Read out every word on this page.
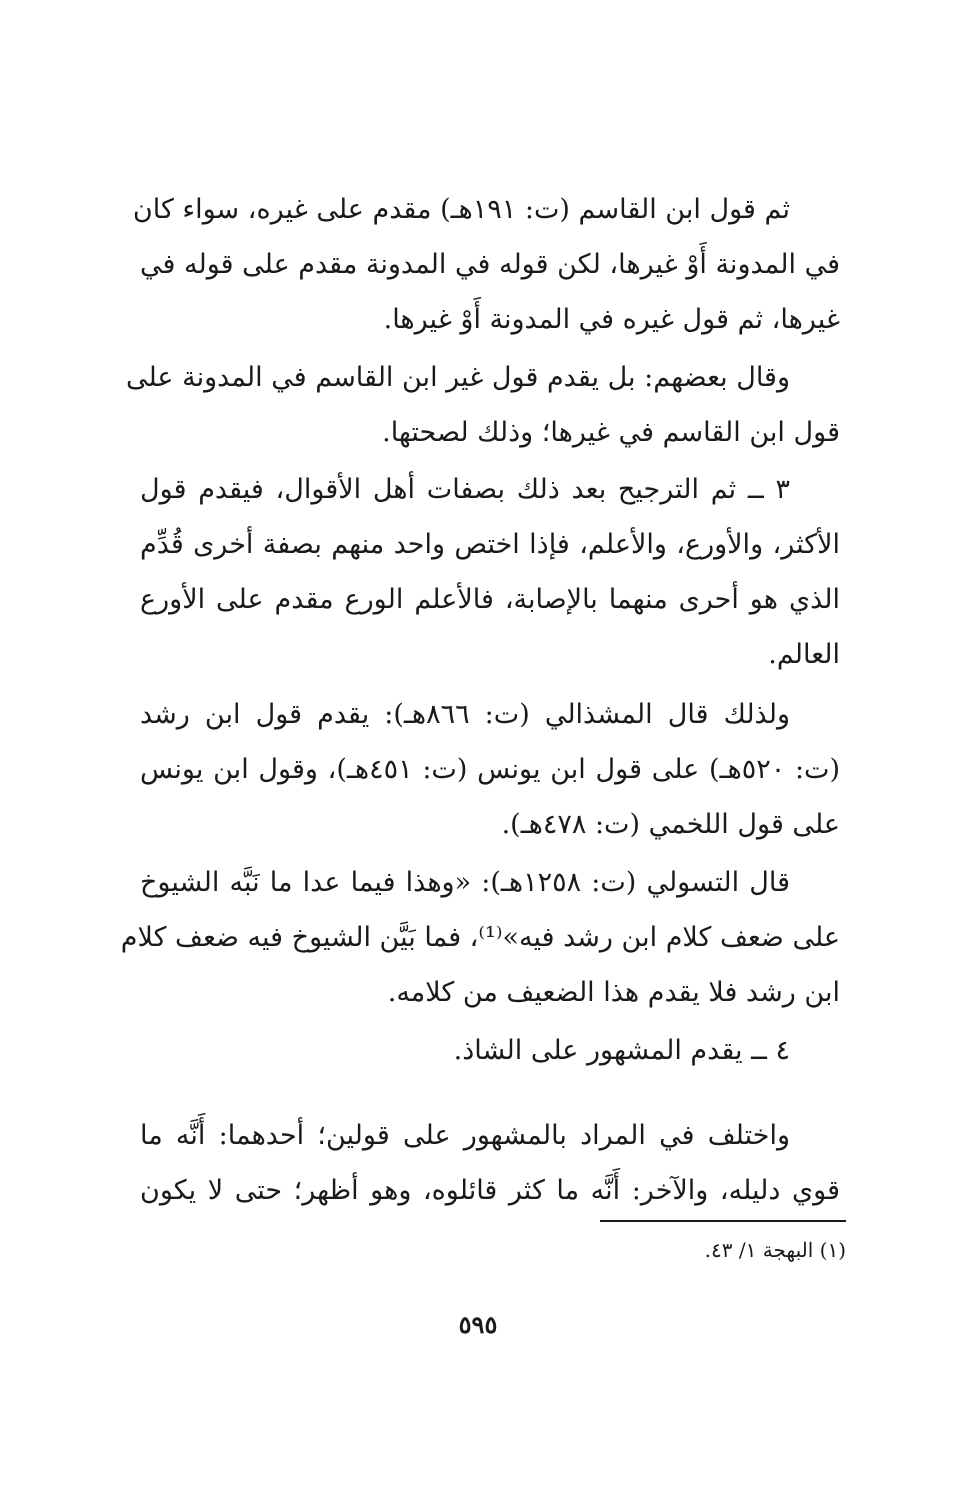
ثم قول ابن القاسم (ت: ١٩١هـ) مقدم على غيره، سواء كان
في المدونة أَوْ غيرها، لكن قوله في المدونة مقدم على قوله في
غيرها، ثم قول غيره في المدونة أَوْ غيرها.
وقال بعضهم: بل يقدم قول غير ابن القاسم في المدونة على
قول ابن القاسم في غيرها؛ وذلك لصحتها.
٣ ــ ثم الترجيح بعد ذلك بصفات أهل الأقوال، فيقدم قول
الأكثر، والأورع، والأعلم، فإذا اختص واحد منهم بصفة أخرى قُدِّم
الذي هو أحرى منهما بالإصابة، فالأعلم الورع مقدم على الأورع
العالم.
ولذلك قال المشذالي (ت: ٨٦٦هـ): يقدم قول ابن رشد
(ت: ٥٢٠هـ) على قول ابن يونس (ت: ٤٥١هـ)، وقول ابن يونس
على قول اللخمي (ت: ٤٧٨هـ).
قال التسولي (ت: ١٢٥٨هـ): «وهذا فيما عدا ما نَبَّه الشيوخ
على ضعف كلام ابن رشد فيه»⁽¹⁾، فما بَيَّن الشيوخ فيه ضعف كلام
ابن رشد فلا يقدم هذا الضعيف من كلامه.
٤ ــ يقدم المشهور على الشاذ.
واختلف في المراد بالمشهور على قولين؛ أحدهما: أَنَّه ما
قوي دليله، والآخر: أَنَّه ما كثر قائلوه، وهو أظهر؛ حتى لا يكون
(١) البهجة ١/ ٤٣.
٥٩٥
